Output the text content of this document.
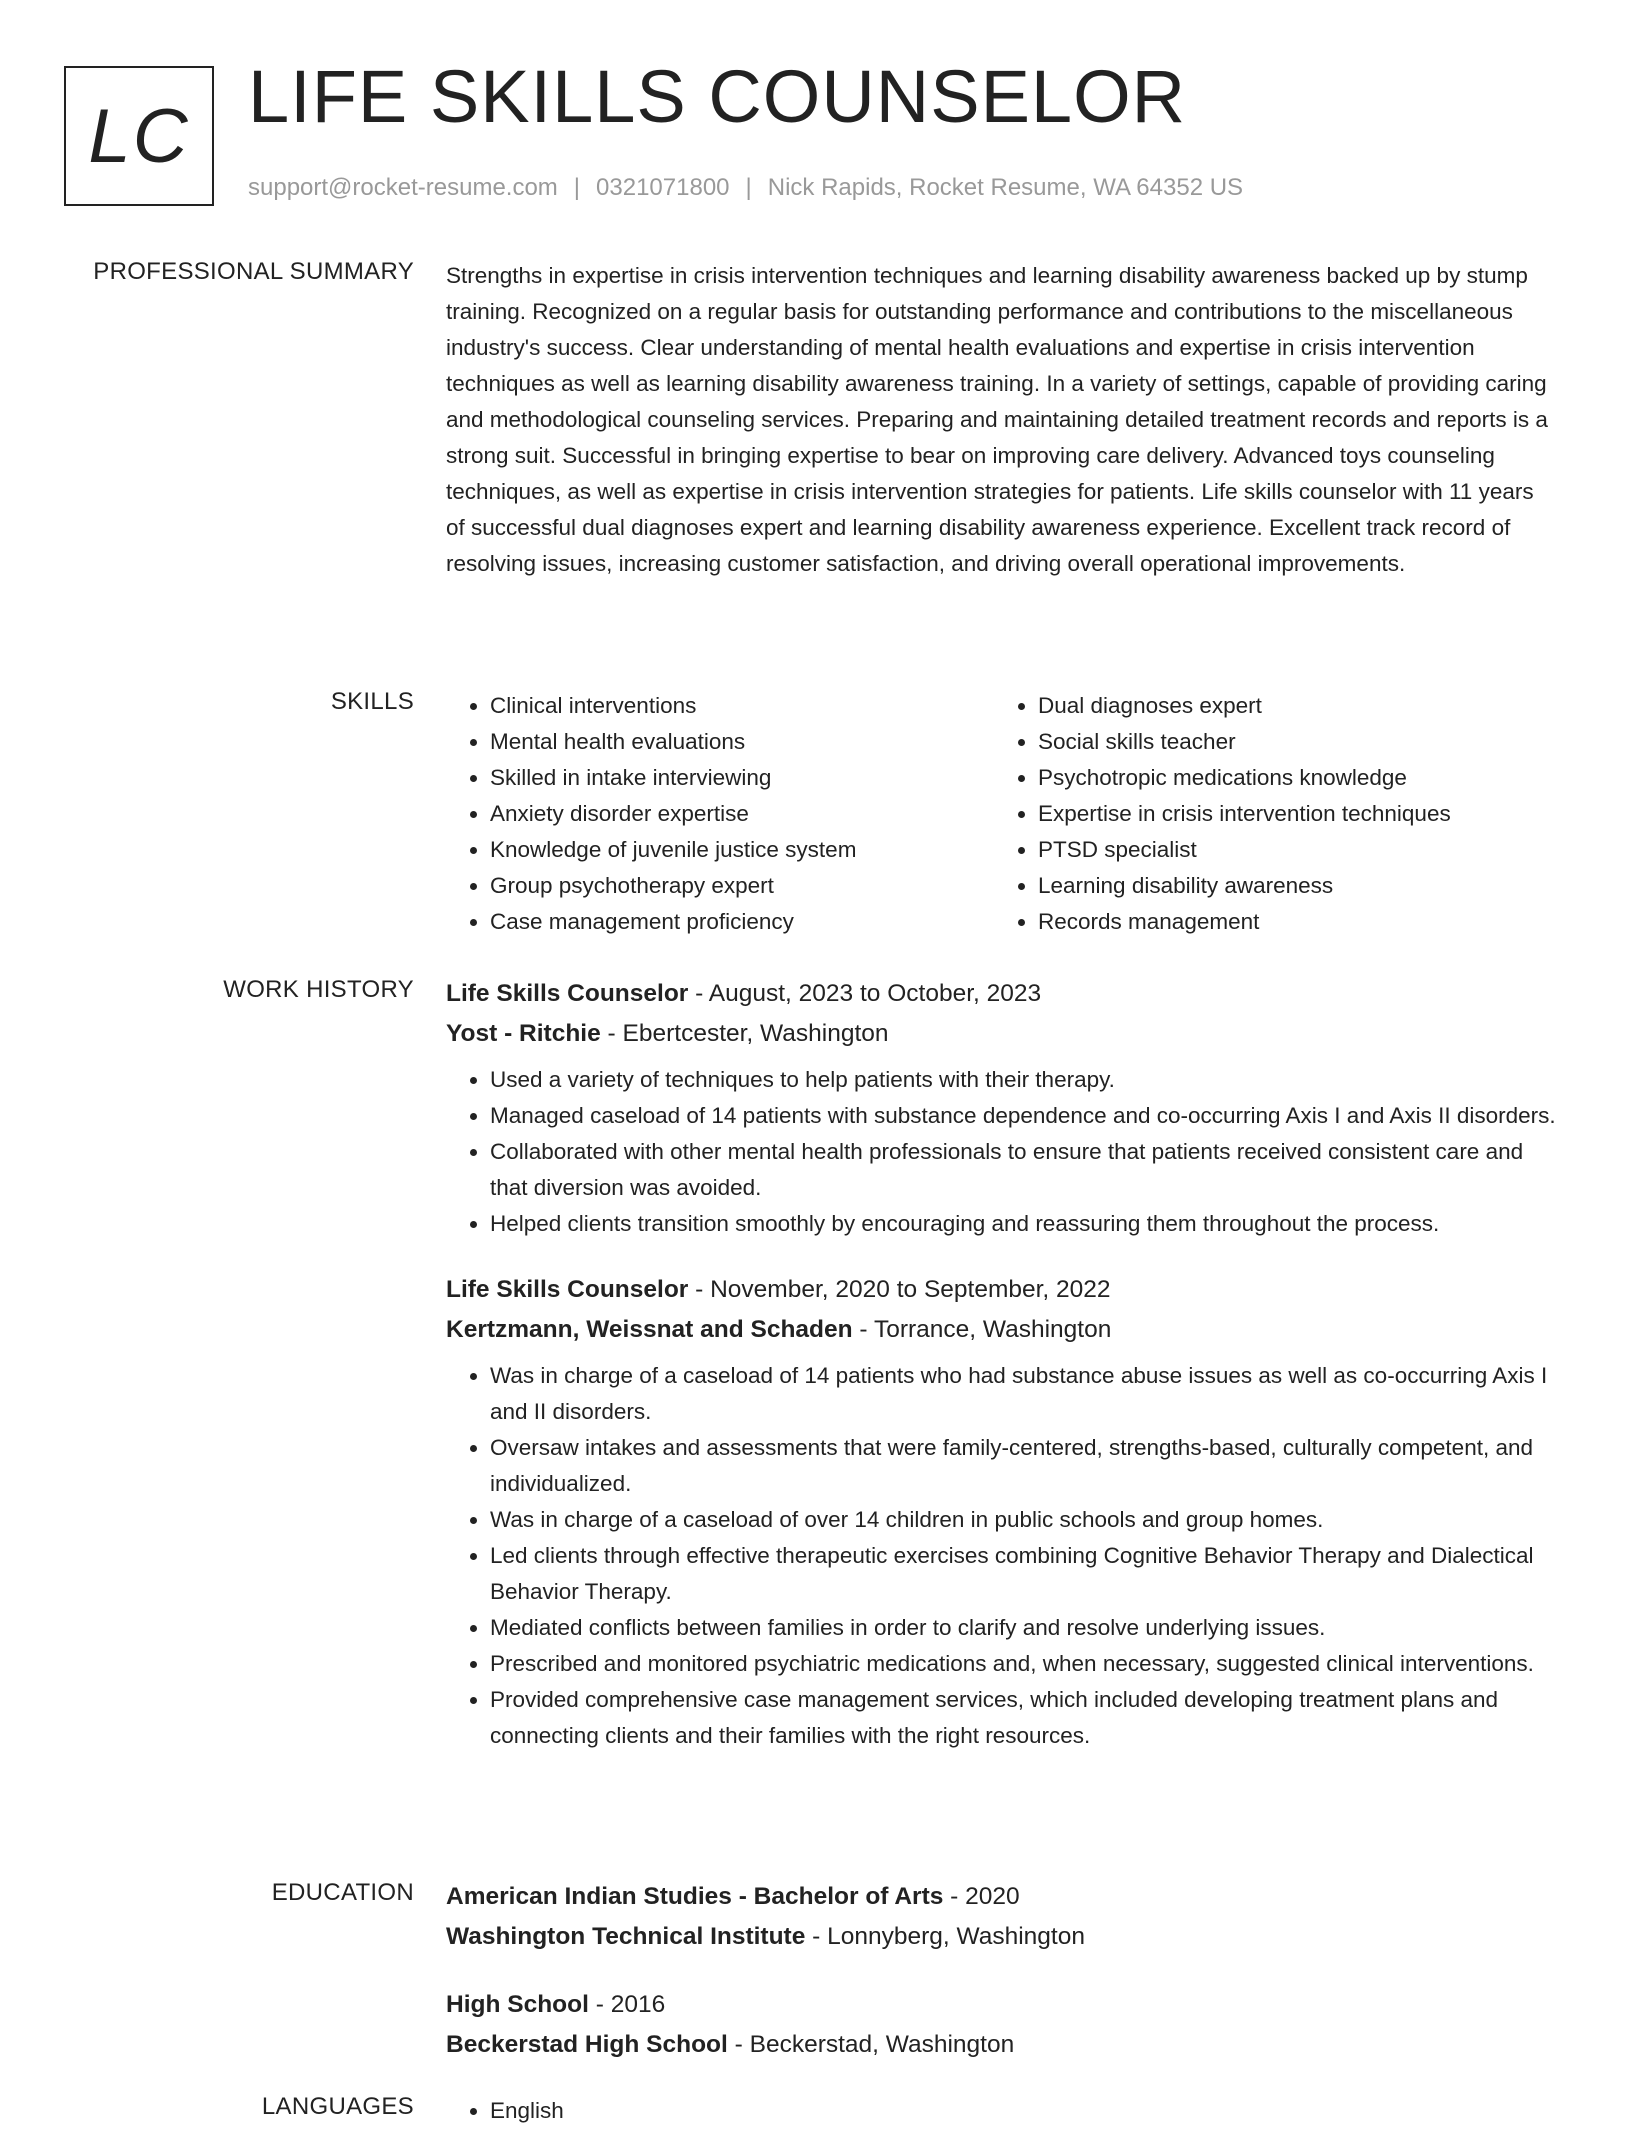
LC LIFE SKILLS COUNSELOR
support@rocket-resume.com | 0321071800 | Nick Rapids, Rocket Resume, WA 64352 US
PROFESSIONAL SUMMARY Strengths in expertise in crisis intervention techniques and learning disability awareness backed up by stump training. Recognized on a regular basis for outstanding performance and contributions to the miscellaneous industry's success. Clear understanding of mental health evaluations and expertise in crisis intervention techniques as well as learning disability awareness training. In a variety of settings, capable of providing caring and methodological counseling services. Preparing and maintaining detailed treatment records and reports is a strong suit. Successful in bringing expertise to bear on improving care delivery. Advanced toys counseling techniques, as well as expertise in crisis intervention strategies for patients. Life skills counselor with 11 years of successful dual diagnoses expert and learning disability awareness experience. Excellent track record of resolving issues, increasing customer satisfaction, and driving overall operational improvements.

SKILLS	• Clinical interventions
• Mental health evaluations
• Skilled in intake interviewing
• Anxiety disorder expertise
• Knowledge of juvenile justice system
• Group psychotherapy expert
• Case management proficiency
• Dual diagnoses expert
• Social skills teacher
• Psychotropic medications knowledge
• Expertise in crisis intervention techniques
• PTSD specialist
• Learning disability awareness
• Records management
WORK HISTORY Life Skills Counselor - August, 2023 to October, 2023
Yost - Ritchie - Ebertcester, Washington
• Used a variety of techniques to help patients with their therapy.
• Managed caseload of 14 patients with substance dependence and co-occurring Axis I and Axis II disorders.
• Collaborated with other mental health professionals to ensure that patients received consistent care and that diversion was avoided.
• Helped clients transition smoothly by encouraging and reassuring them throughout the process.
Life Skills Counselor - November, 2020 to September, 2022
Kertzmann, Weissnat and Schaden - Torrance, Washington
• Was in charge of a caseload of 14 patients who had substance abuse issues as well as co-occurring Axis I and II disorders.
• Oversaw intakes and assessments that were family-centered, strengths-based, culturally competent, and individualized.
• Was in charge of a caseload of over 14 children in public schools and group homes.
• Led clients through effective therapeutic exercises combining Cognitive Behavior Therapy and Dialectical Behavior Therapy.
• Mediated conflicts between families in order to clarify and resolve underlying issues.
• Prescribed and monitored psychiatric medications and, when necessary, suggested clinical interventions.
• Provided comprehensive case management services, which included developing treatment plans and connecting clients and their families with the right resources.
EDUCATION American Indian Studies - Bachelor of Arts - 2020
Washington Technical Institute - Lonnyberg, Washington
High School - 2016
Beckerstad High School - Beckerstad, Washington
LANGUAGES	• English
